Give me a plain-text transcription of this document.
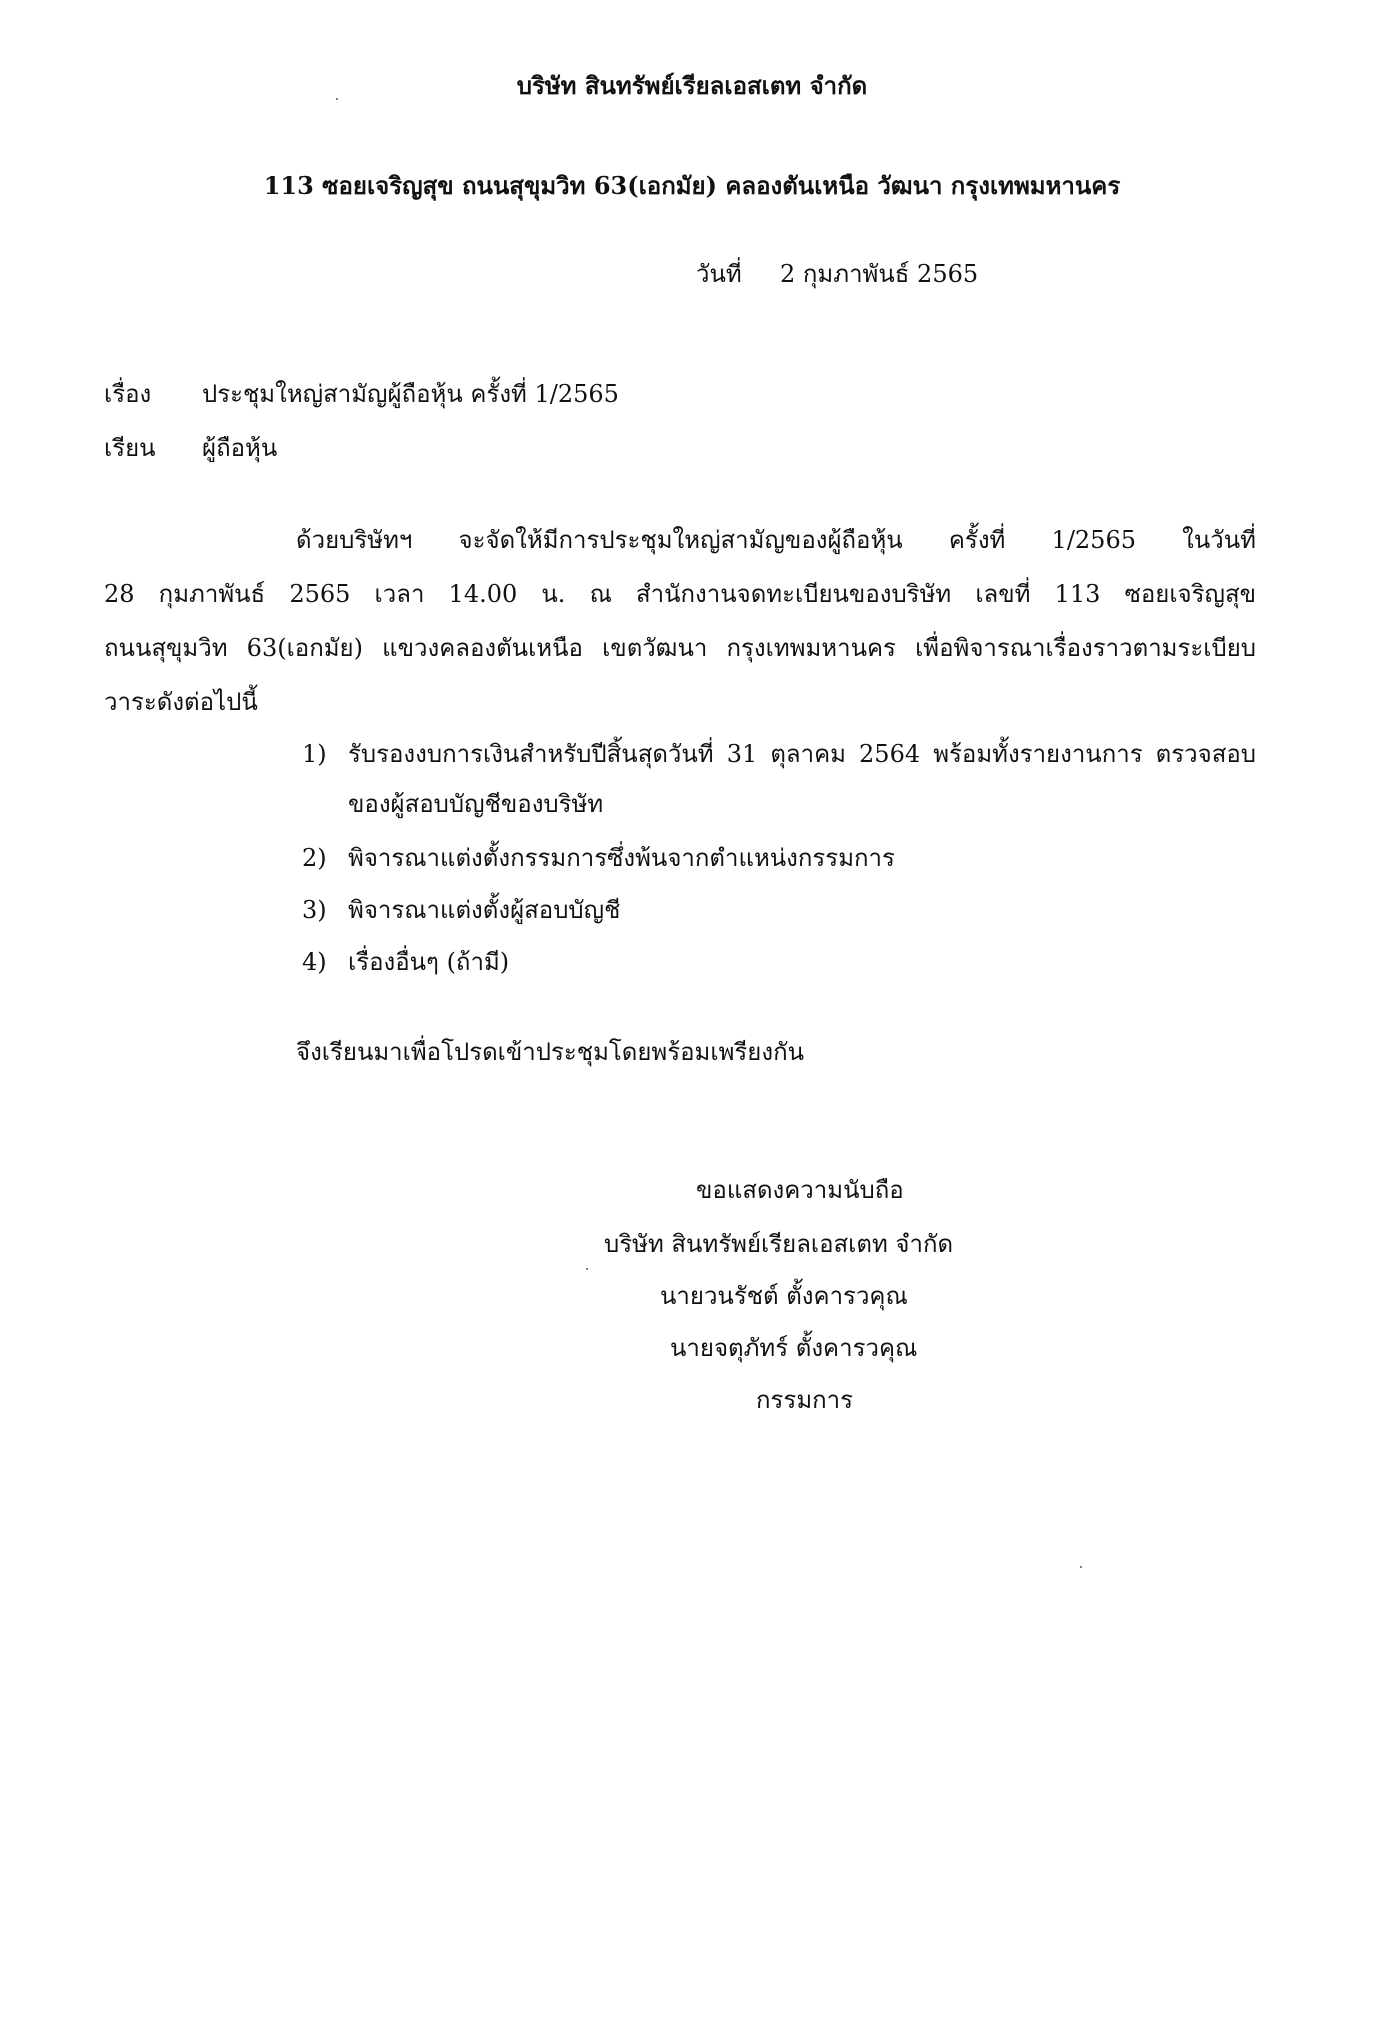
บริษัท สินทรัพย์เรียลเอสเตท จำกัด
113 ซอยเจริญสุข ถนนสุขุมวิท 63(เอกมัย) คลองตันเหนือ วัฒนา กรุงเทพมหานคร
วันที่ 2 กุมภาพันธ์ 2565
เรื่อง ประชุมใหญ่สามัญผู้ถือหุ้น ครั้งที่ 1/2565
เรียน ผู้ถือหุ้น
ด้วยบริษัทฯ จะจัดให้มีการประชุมใหญ่สามัญของผู้ถือหุ้น ครั้งที่ 1/2565 ในวันที่
28 กุมภาพันธ์ 2565 เวลา 14.00 น. ณ สำนักงานจดทะเบียนของบริษัท เลขที่ 113 ซอยเจริญสุข
ถนนสุขุมวิท 63(เอกมัย) แขวงคลองตันเหนือ เขตวัฒนา กรุงเทพมหานคร เพื่อพิจารณาเรื่องราวตามระเบียบ
วาระดังต่อไปนี้
1) รับรองงบการเงินสำหรับปีสิ้นสุดวันที่ 31 ตุลาคม 2564 พร้อมทั้งรายงานการ ตรวจสอบ
ของผู้สอบบัญชีของบริษัท
2) พิจารณาแต่งตั้งกรรมการซึ่งพ้นจากตำแหน่งกรรมการ
3) พิจารณาแต่งตั้งผู้สอบบัญชี
4) เรื่องอื่นๆ (ถ้ามี)
จึงเรียนมาเพื่อโปรดเข้าประชุมโดยพร้อมเพรียงกัน
ขอแสดงความนับถือ
บริษัท สินทรัพย์เรียลเอสเตท จำกัด
นายวนรัชต์ ตั้งคารวคุณ
นายจตุภัทร์ ตั้งคารวคุณ
กรรมการ
